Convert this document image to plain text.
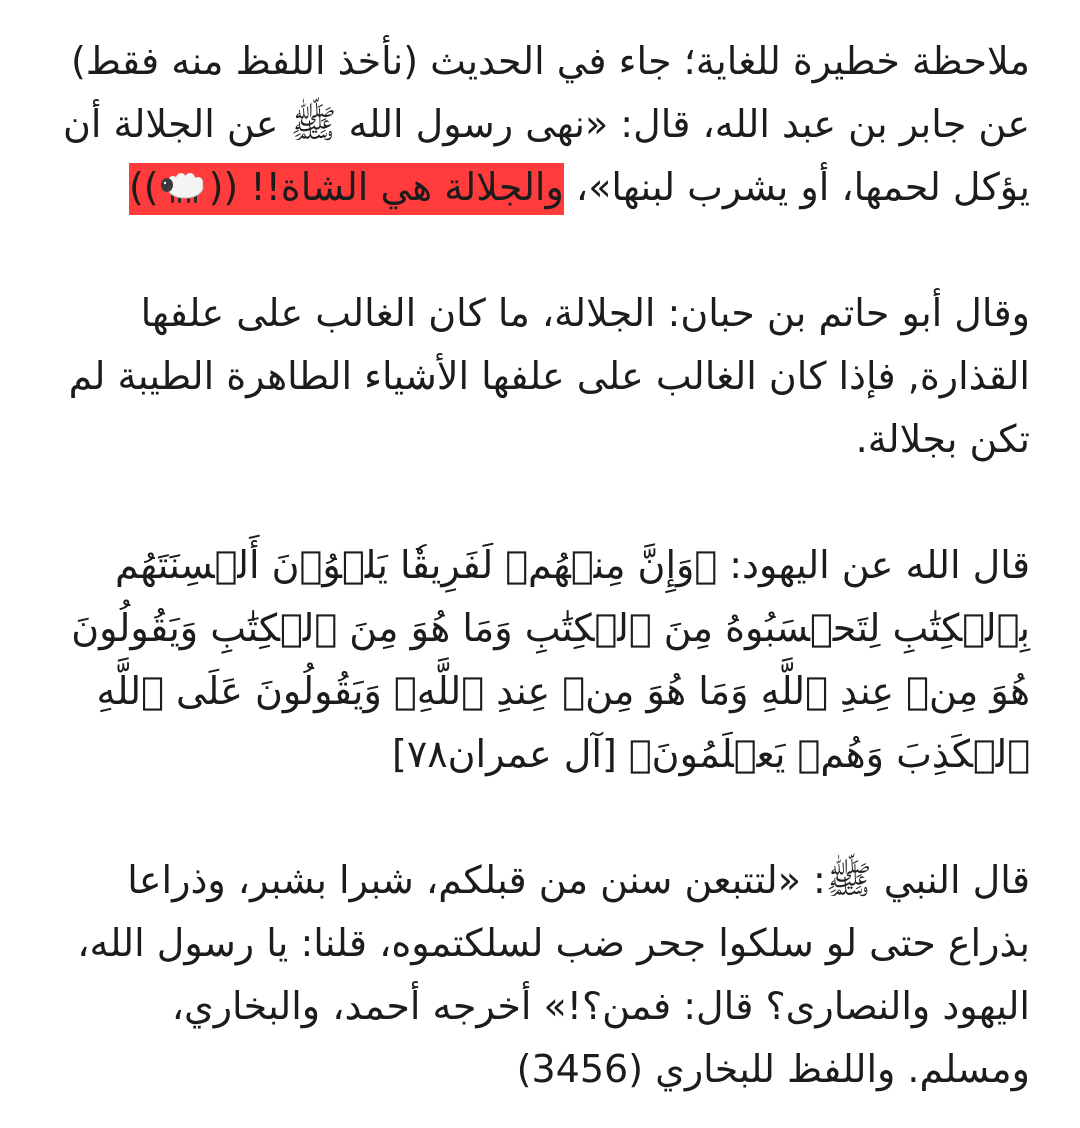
ملاحظة خطيرة للغاية؛ جاء في الحديث (نأخذ اللفظ منه فقط) عن جابر بن عبد الله، قال: «نهى رسول الله ﷺ عن الجلالة أن يؤكل لحمها، أو يشرب لبنها»، والجلالة هي الشاة!! (())

وقال أبو حاتم بن حبان: الجلالة، ما كان الغالب على علفها القذارة, فإذا كان الغالب على علفها الأشياء الطاهرة الطيبة لم تكن بجلالة.

قال الله عن اليهود: ﴿وَإِنَّ مِنۡهُمۡ لَفَرِيقٗا يَلۡوُۥنَ أَلۡسِنَتَهُم بِٱلۡكِتَٰبِ لِتَحۡسَبُوهُ مِنَ ٱلۡكِتَٰبِ وَمَا هُوَ مِنَ ٱلۡكِتَٰبِ وَيَقُولُونَ هُوَ مِنۡ عِندِ ٱللَّهِ وَمَا هُوَ مِنۡ عِندِ ٱللَّهِۖ وَيَقُولُونَ عَلَى ٱللَّهِ ٱلۡكَذِبَ وَهُمۡ يَعۡلَمُونَ﴾ [آل عمران٧٨]

قال النبي ﷺ: «لتتبعن سنن من قبلكم، شبرا بشبر، وذراعا بذراع حتى لو سلكوا جحر ضب لسلكتموه، قلنا: يا رسول الله، اليهود والنصارى؟ قال: فمن؟!» أخرجه أحمد، والبخاري، ومسلم. واللفظ للبخاري (3456)
